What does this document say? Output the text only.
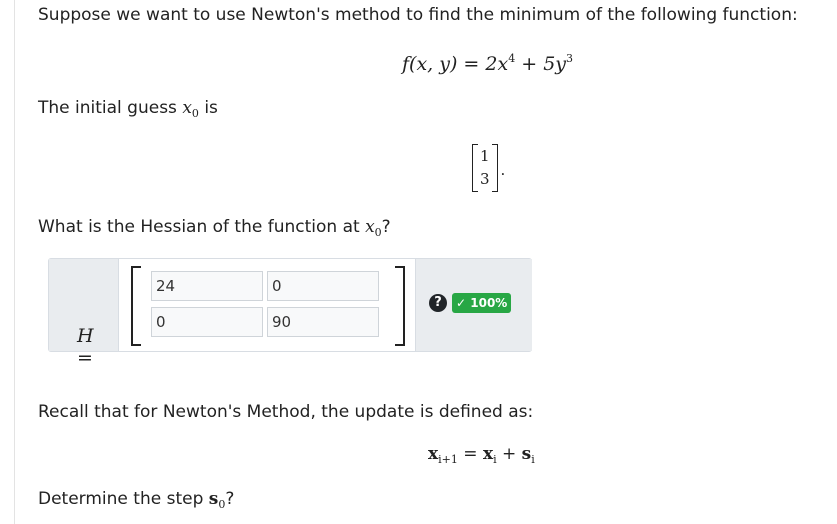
Suppose we want to use Newton's method to find the minimum of the following function:
f(x, $y) = 2x^4 + 5y^3$
The initial guess $x_0$ is
1
3 .
What is the Hessian of the function at $x_0$?
H =
24	0
0	90
?	✓ 100%
Recall that for Newton's Method, the update is defined as:
$x_{i+1} = x_i + s_i$
Determine the step $s_0$?
